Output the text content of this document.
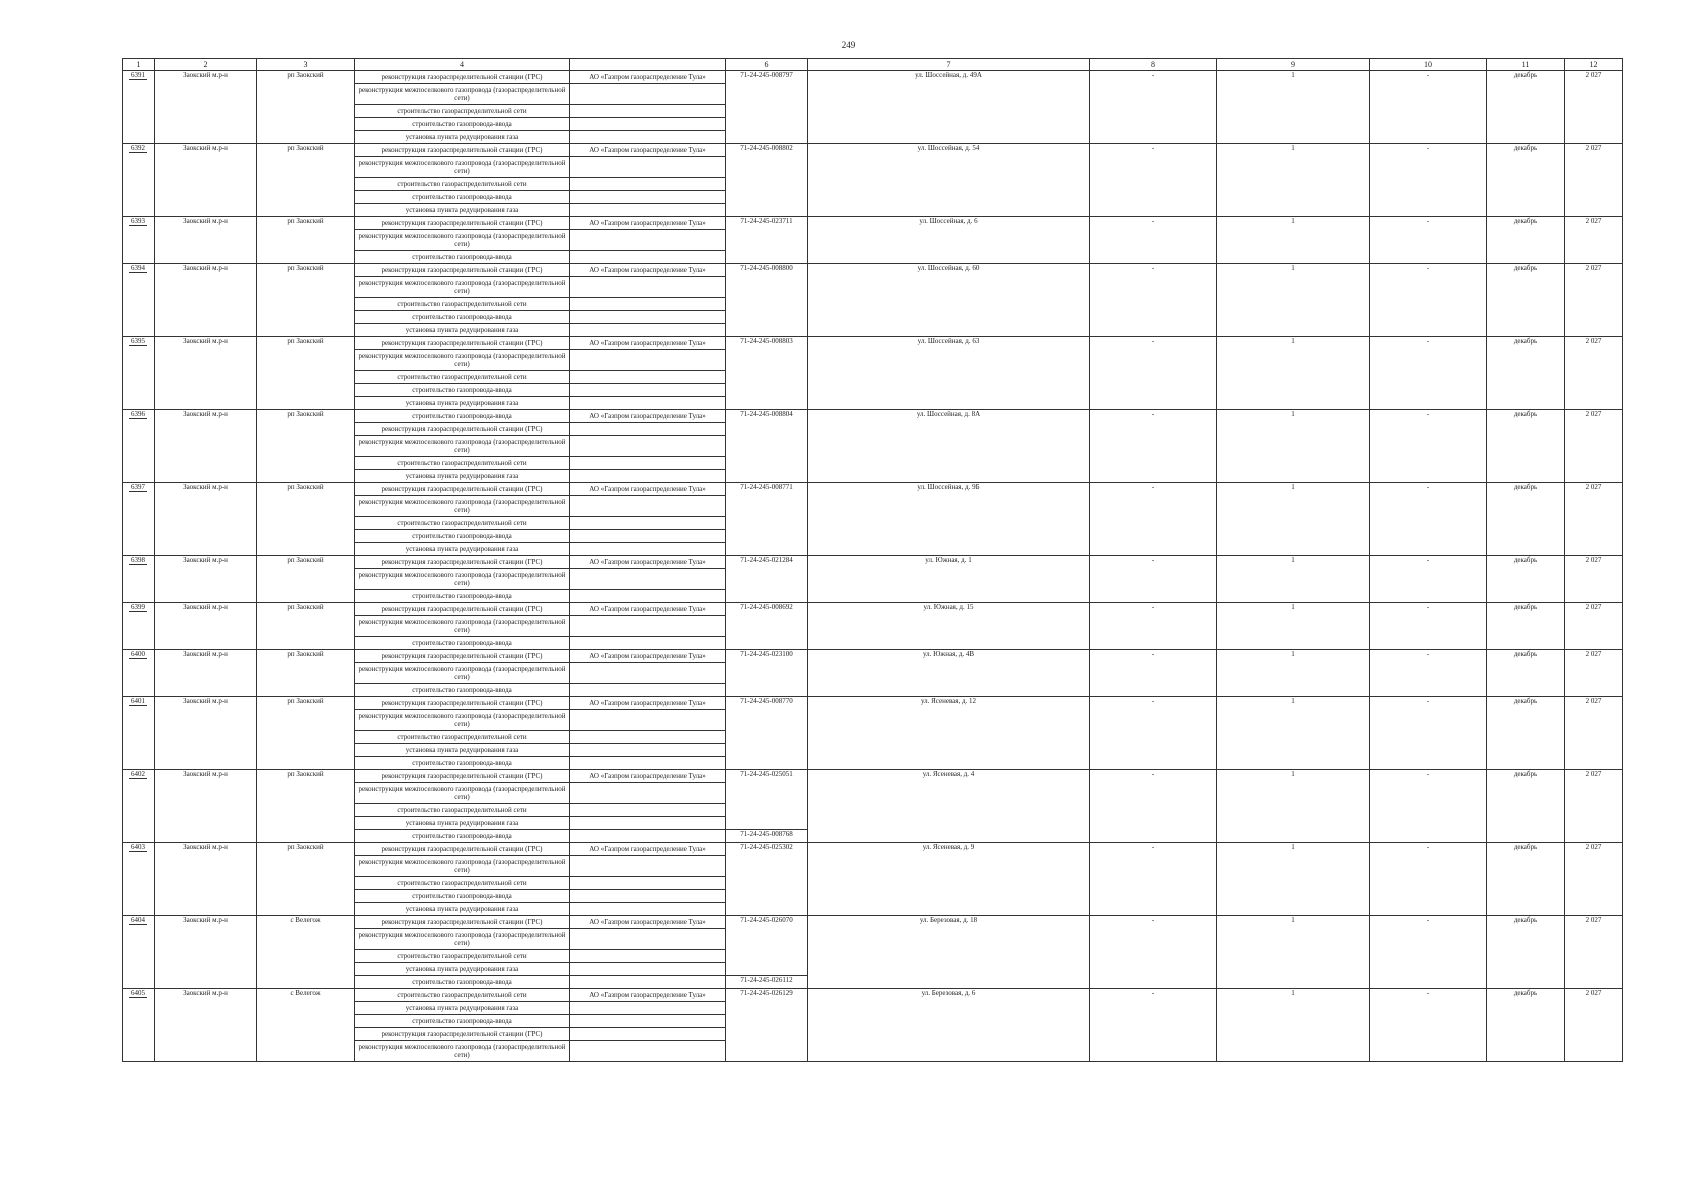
249
1	2	3	4		6	7	8	9	10	11	12
6391	Заокский м.р-н	рп Заокский	реконструкция газораспределительной станции (ГРС)	АО «Газпром газораспределение Тула»	71-24-245-008797	ул. Шоссейная, д. 49А	-	1	-	декабрь	2 027
			реконструкция межпоселкового газопровода (газораспределительной сети)								
			строительство газораспределительной сети								
			строительство газопровода-ввода								
			установка пункта редуцирования газа								
6392	Заокский м.р-н	рп Заокский	реконструкция газораспределительной станции (ГРС)	АО «Газпром газораспределение Тула»	71-24-245-008802	ул. Шоссейная, д. 54	-	1	-	декабрь	2 027
			реконструкция межпоселкового газопровода (газораспределительной сети)								
			строительство газораспределительной сети								
			строительство газопровода-ввода								
			установка пункта редуцирования газа								
6393	Заокский м.р-н	рп Заокский	реконструкция газораспределительной станции (ГРС)	АО «Газпром газораспределение Тула»	71-24-245-023711	ул. Шоссейная, д. 6	-	1	-	декабрь	2 027
			реконструкция межпоселкового газопровода (газораспределительной сети)								
			строительство газопровода-ввода								
6394	Заокский м.р-н	рп Заокский	реконструкция газораспределительной станции (ГРС)	АО «Газпром газораспределение Тула»	71-24-245-008800	ул. Шоссейная, д. 60	-	1	-	декабрь	2 027
			реконструкция межпоселкового газопровода (газораспределительной сети)								
			строительство газораспределительной сети								
			строительство газопровода-ввода								
			установка пункта редуцирования газа								
6395	Заокский м.р-н	рп Заокский	реконструкция газораспределительной станции (ГРС)	АО «Газпром газораспределение Тула»	71-24-245-008803	ул. Шоссейная, д. 63	-	1	-	декабрь	2 027
			реконструкция межпоселкового газопровода (газораспределительной сети)								
			строительство газораспределительной сети								
			строительство газопровода-ввода								
			установка пункта редуцирования газа								
6396	Заокский м.р-н	рп Заокский	строительство газопровода-ввода	АО «Газпром газораспределение Тула»	71-24-245-008804	ул. Шоссейная, д. 8А	-	1	-	декабрь	2 027
			реконструкция газораспределительной станции (ГРС)								
			реконструкция межпоселкового газопровода (газораспределительной сети)								
			строительство газораспределительной сети								
			установка пункта редуцирования газа								
6397	Заокский м.р-н	рп Заокский	реконструкция газораспределительной станции (ГРС)	АО «Газпром газораспределение Тула»	71-24-245-008771	ул. Шоссейная, д. 9Б	-	1	-	декабрь	2 027
			реконструкция межпоселкового газопровода (газораспределительной сети)								
			строительство газораспределительной сети								
			строительство газопровода-ввода								
			установка пункта редуцирования газа								
6398	Заокский м.р-н	рп Заокский	реконструкция газораспределительной станции (ГРС)	АО «Газпром газораспределение Тула»	71-24-245-021284	ул. Южная, д. 1	-	1	-	декабрь	2 027
			реконструкция межпоселкового газопровода (газораспределительной сети)								
			строительство газопровода-ввода								
6399	Заокский м.р-н	рп Заокский	реконструкция газораспределительной станции (ГРС)	АО «Газпром газораспределение Тула»	71-24-245-008692	ул. Южная, д. 15	-	1	-	декабрь	2 027
			реконструкция межпоселкового газопровода (газораспределительной сети)								
			строительство газопровода-ввода								
6400	Заокский м.р-н	рп Заокский	реконструкция газораспределительной станции (ГРС)	АО «Газпром газораспределение Тула»	71-24-245-023100	ул. Южная, д. 4В	-	1	-	декабрь	2 027
			реконструкция межпоселкового газопровода (газораспределительной сети)								
			строительство газопровода-ввода								
6401	Заокский м.р-н	рп Заокский	реконструкция газораспределительной станции (ГРС)	АО «Газпром газораспределение Тула»	71-24-245-008770	ул. Ясеневая, д. 12	-	1	-	декабрь	2 027
			реконструкция межпоселкового газопровода (газораспределительной сети)								
			строительство газораспределительной сети								
			установка пункта редуцирования газа								
			строительство газопровода-ввода								
6402	Заокский м.р-н	рп Заокский	реконструкция газораспределительной станции (ГРС)	АО «Газпром газораспределение Тула»	71-24-245-025051	ул. Ясеневая, д. 4	-	1	-	декабрь	2 027
			реконструкция межпоселкового газопровода (газораспределительной сети)								
			строительство газораспределительной сети								
			установка пункта редуцирования газа								
			строительство газопровода-ввода		71-24-245-008768						
6403	Заокский м.р-н	рп Заокский	реконструкция газораспределительной станции (ГРС)	АО «Газпром газораспределение Тула»	71-24-245-025302	ул. Ясеневая, д. 9	-	1	-	декабрь	2 027
			реконструкция межпоселкового газопровода (газораспределительной сети)								
			строительство газораспределительной сети								
			строительство газопровода-ввода								
			установка пункта редуцирования газа								
6404	Заокский м.р-н	с Велегож	реконструкция газораспределительной станции (ГРС)	АО «Газпром газораспределение Тула»	71-24-245-026070	ул. Березовая, д. 18	-	1	-	декабрь	2 027
			реконструкция межпоселкового газопровода (газораспределительной сети)								
			строительство газораспределительной сети								
			установка пункта редуцирования газа								
			строительство газопровода-ввода		71-24-245-026112						
6405	Заокский м.р-н	с Велегож	строительство газораспределительной сети	АО «Газпром газораспределение Тула»	71-24-245-026129	ул. Березовая, д. 6	-	1	-	декабрь	2 027
			установка пункта редуцирования газа								
			строительство газопровода-ввода								
			реконструкция газораспределительной станции (ГРС)								
			реконструкция межпоселкового газопровода (газораспределительной сети)								
